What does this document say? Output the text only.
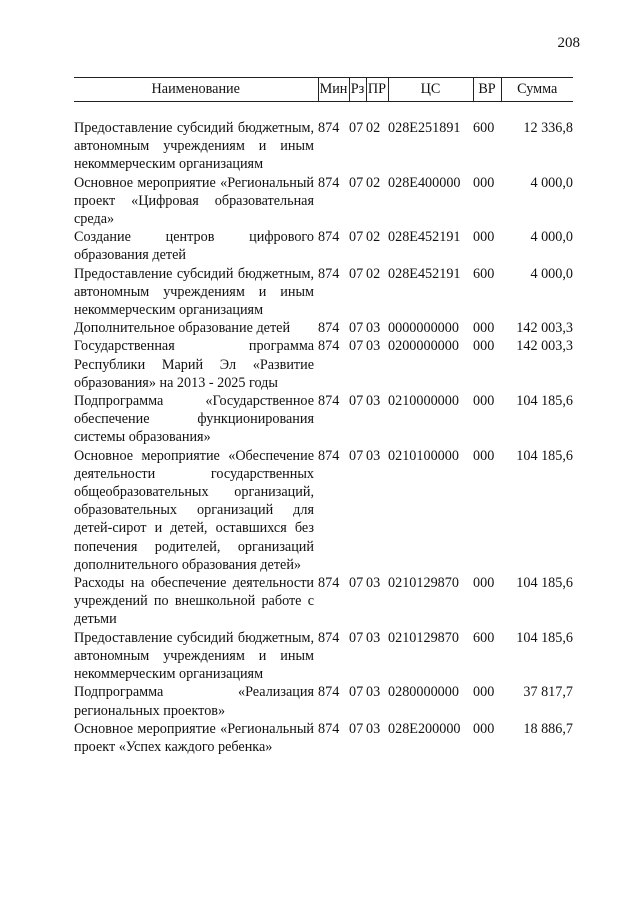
208
Наименование	Мин	Рз	ПР	ЦС	ВР	Сумма

Предоставление субсидий бюджетным, автономным учреждениям и иным некоммерческим организациям	874	07	02	028E251891	600	12 336,8
Основное мероприятие «Региональный проект «Цифровая образовательная среда»	874	07	02	028E400000	000	4 000,0
Создание центров цифрового образования детей	874	07	02	028E452191	000	4 000,0
Предоставление субсидий бюджетным, автономным учреждениям и иным некоммерческим организациям	874	07	02	028E452191	600	4 000,0
Дополнительное образование детей	874	07	03	0000000000	000	142 003,3
Государственная программа Республики Марий Эл «Развитие образования» на 2013 - 2025 годы	874	07	03	0200000000	000	142 003,3
Подпрограмма «Государственное обеспечение функционирования системы образования»	874	07	03	0210000000	000	104 185,6
Основное мероприятие «Обеспечение деятельности государственных общеобразовательных организаций, образовательных организаций для детей-сирот и детей, оставшихся без попечения родителей, организаций дополнительного образования детей»	874	07	03	0210100000	000	104 185,6
Расходы на обеспечение деятельности учреждений по внешкольной работе с детьми	874	07	03	0210129870	000	104 185,6
Предоставление субсидий бюджетным, автономным учреждениям и иным некоммерческим организациям	874	07	03	0210129870	600	104 185,6
Подпрограмма «Реализация региональных проектов»	874	07	03	0280000000	000	37 817,7
Основное мероприятие «Региональный проект «Успех каждого ребенка»	874	07	03	028E200000	000	18 886,7
